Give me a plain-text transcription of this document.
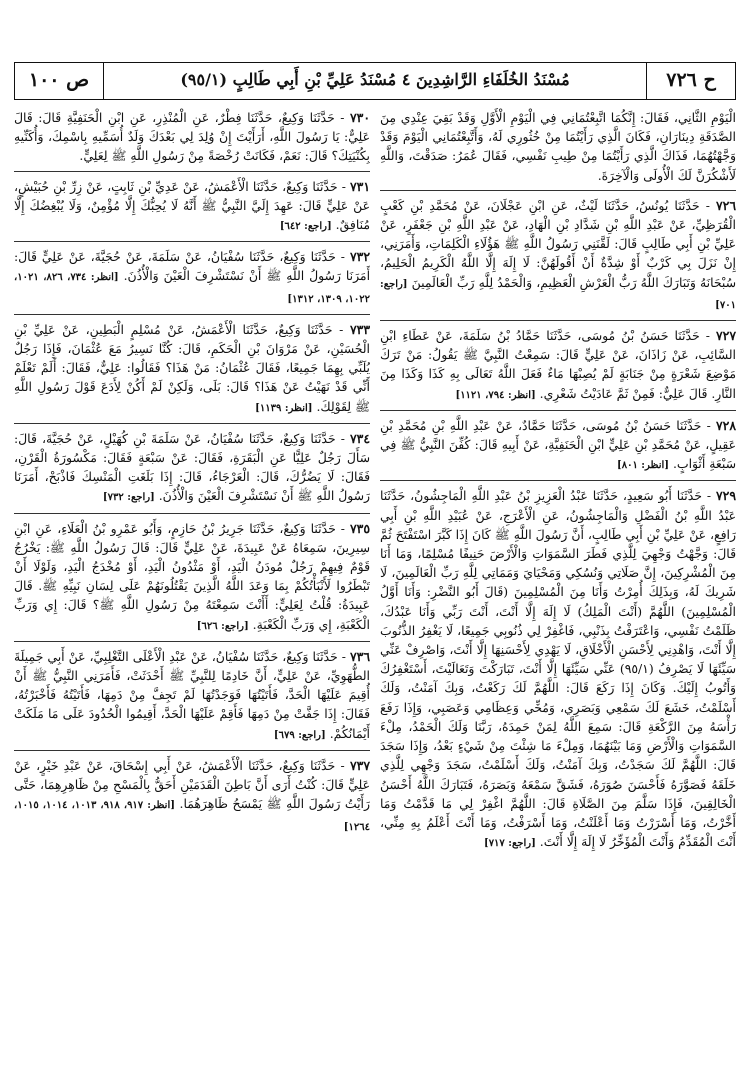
ح ٧٢٦
مُسْنَدُ الخُلَفَاءِ الرَّاشِدِينَ ٤ مُسْنَدُ عَلِيِّ بْنِ أَبِي طَالِبٍ (٩٥/١)
ص ١٠٠

الْيَوْمِ الثَّانِي، فَقَالَ: إِنَّكُمَا اتَّبِعْتُمَانِي فِي الْيَوْمِ الْأَوَّلِ وَقَدْ بَقِيَ عِنْدِي مِنَ الصَّدَقَةِ دِينَارَانِ، فَكَانَ الَّذِي رَأَيْتُمَا مِنْ خُثُورِي لَهُ، وَأَتَّبِعْتُمَانِي الْيَوْمَ وَقَدْ وَجَّهْتُهُمَا، فَذَاكَ الَّذِي رَأَيْتُمَا مِنْ طِيبِ نَفْسِي، فَقَالَ عُمَرُ: صَدَقْتَ، وَاللَّهِ لَأَشْكُرَنَّ لَكَ الْأُولَى وَالْآخِرَةَ.

٧٢٦ - حَدَّثَنَا يُونُسُ، حَدَّثَنَا لَيْثٌ، عَنِ ابْنِ عَجْلَانَ، عَنْ مُحَمَّدِ بْنِ كَعْبٍ الْقُرَظِيِّ، عَنْ عَبْدِ اللَّهِ بْنِ شَدَّادِ بْنِ الْهَادِ، عَنْ عَبْدِ اللَّهِ بْنِ جَعْفَرٍ، عَنْ عَلِيِّ بْنِ أَبِي طَالِبٍ قَالَ: لَقَّنَنِي رَسُولُ اللَّهِ ﷺ هَؤُلَاءِ الْكَلِمَاتِ، وَأَمَرَنِي، إِنْ نَزَلَ بِي كَرْبٌ أَوْ شِدَّةٌ أَنْ أَقُولَهُنَّ: لَا إِلَهَ إِلَّا اللَّهُ الْكَرِيمُ الْحَلِيمُ، سُبْحَانَهُ وَتَبَارَكَ اللَّهُ رَبُّ الْعَرْشِ الْعَظِيمِ، وَالْحَمْدُ لِلَّهِ رَبِّ الْعَالَمِينَ [راجع: ٧٠١]

٧٢٧ - حَدَّثَنَا حَسَنُ بْنُ مُوسَى، حَدَّثَنَا حَمَّادُ بْنُ سَلَمَةَ، عَنْ عَطَاءِ ابْنِ السَّائِبِ، عَنْ زَاذَانَ، عَنْ عَلِيٍّ قَالَ: سَمِعْتُ النَّبِيَّ ﷺ يَقُولُ: مَنْ تَرَكَ مَوْضِعَ شَعْرَةٍ مِنْ جَنَابَةٍ لَمْ يُصِبْهَا مَاءٌ فَعَلَ اللَّهُ تَعَالَى بِهِ كَذَا وَكَذَا مِنَ النَّارِ. قَالَ عَلِيٌّ: فَمِنْ ثَمَّ عَادَيْتُ شَعْرِي. [انظر: ٧٩٤، ١١٢١]

٧٢٨ - حَدَّثَنَا حَسَنُ بْنُ مُوسَى، حَدَّثَنَا حَمَّادٌ، عَنْ عَبْدِ اللَّهِ بْنِ مُحَمَّدِ بْنِ عَقِيلٍ، عَنْ مُحَمَّدِ بْنِ عَلِيٍّ ابْنِ الْحَنَفِيَّةِ، عَنْ أَبِيهِ قَالَ: كُفِّنَ النَّبِيُّ ﷺ فِي سَبْعَةِ أَثْوَابٍ. [انظر: ٨٠١]

٧٢٩ - حَدَّثَنَا أَبُو سَعِيدٍ، حَدَّثَنَا عَبْدُ الْعَزِيزِ بْنُ عَبْدِ اللَّهِ الْمَاجِشُونُ، حَدَّثَنَا عَبْدُ اللَّهِ بْنُ الْفَضْلِ وَالْمَاجِشُونُ، عَنِ الْأَعْرَجِ، عَنْ عُبَيْدِ اللَّهِ بْنِ أَبِي رَافِعٍ، عَنْ عَلِيِّ بْنِ أَبِي طَالِبٍ، أَنَّ رَسُولَ اللَّهِ ﷺ كَانَ إِذَا كَبَّرَ اسْتَفْتَحَ ثُمَّ قَالَ: وَجَّهْتُ وَجْهِيَ لِلَّذِي فَطَرَ السَّمَوَاتِ وَالْأَرْضَ حَنِيفًا مُسْلِمًا، وَمَا أَنَا مِنَ الْمُشْرِكِينَ، إِنَّ صَلَاتِي وَنُسُكِي وَمَحْيَايَ وَمَمَاتِي لِلَّهِ رَبِّ الْعَالَمِينَ، لَا شَرِيكَ لَهُ، وَبِذَلِكَ أُمِرْتُ وَأَنَا مِنَ الْمُسْلِمِينَ (قَالَ أَبُو النَّضْرِ: وَأَنَا أَوَّلُ الْمُسْلِمِينَ) اللَّهُمَّ (أَنْتَ الْمَلِكُ) لَا إِلَهَ إِلَّا أَنْتَ، أَنْتَ رَبِّي وَأَنَا عَبْدُكَ، ظَلَمْتُ نَفْسِي، وَاعْتَرَفْتُ بِذَنْبِي، فَاغْفِرْ لِي ذُنُوبِي جَمِيعًا، لَا يَغْفِرُ الذُّنُوبَ إِلَّا أَنْتَ، وَاهْدِنِي لِأَحْسَنِ الْأَخْلَاقِ، لَا يَهْدِي لِأَحْسَنِهَا إِلَّا أَنْتَ، وَاصْرِفْ عَنِّي سَيِّئَهَا لَا يَصْرِفُ (٩٥/١) عَنِّي سَيِّئَهَا إِلَّا أَنْتَ، تَبَارَكْتَ وَتَعَالَيْتَ، أَسْتَغْفِرُكَ وَأَتُوبُ إِلَيْكَ. وَكَانَ إِذَا رَكَعَ قَالَ: اللَّهُمَّ لَكَ رَكَعْتُ، وَبِكَ آمَنْتُ، وَلَكَ أَسْلَمْتُ، خَشَعَ لَكَ سَمْعِي وَبَصَرِي، وَمُخِّي وَعِظَامِي وَعَصَبِي، وَإِذَا رَفَعَ رَأْسَهُ مِنَ الرَّكْعَةِ قَالَ: سَمِعَ اللَّهُ لِمَنْ حَمِدَهُ، رَبَّنَا وَلَكَ الْحَمْدُ، مِلْءَ السَّمَوَاتِ وَالْأَرْضِ وَمَا بَيْنَهُمَا، وَمِلْءَ مَا شِئْتَ مِنْ شَيْءٍ بَعْدُ، وَإِذَا سَجَدَ قَالَ: اللَّهُمَّ لَكَ سَجَدْتُ، وَبِكَ آمَنْتُ، وَلَكَ أَسْلَمْتُ، سَجَدَ وَجْهِي لِلَّذِي خَلَقَهُ فَصَوَّرَهُ فَأَحْسَنَ صُوَرَهُ، فَشَقَّ سَمْعَهُ وَبَصَرَهُ، فَتَبَارَكَ اللَّهُ أَحْسَنُ الْخَالِقِينَ، فَإِذَا سَلَّمَ مِنَ الصَّلَاةِ قَالَ: اللَّهُمَّ اغْفِرْ لِي مَا قَدَّمْتُ وَمَا أَخَّرْتُ، وَمَا أَسْرَرْتُ وَمَا أَعْلَنْتُ، وَمَا أَسْرَفْتُ، وَمَا أَنْتَ أَعْلَمُ بِهِ مِنِّي، أَنْتَ الْمُقَدِّمُ وَأَنْتَ الْمُؤَخِّرُ لَا إِلَهَ إِلَّا أَنْتَ. [راجع: ٧١٧]

٧٣٠ - حَدَّثَنَا وَكِيعٌ، حَدَّثَنَا فِطْرٌ، عَنِ الْمُنْذِرِ، عَنِ ابْنِ الْحَنَفِيَّةِ قَالَ: قَالَ عَلِيٌّ: يَا رَسُولَ اللَّهِ، أَرَأَيْتَ إِنْ وُلِدَ لِي بَعْدَكَ وَلَدٌ أُسَمِّيهِ بِاسْمِكَ، وَأُكَنِّيهِ بِكُنْيَتِكَ؟ قَالَ: نَعَمْ، فَكَانَتْ رُخْصَةً مِنْ رَسُولِ اللَّهِ ﷺ لِعَلِيٍّ.

٧٣١ - حَدَّثَنَا وَكِيعٌ، حَدَّثَنَا الْأَعْمَشُ، عَنْ عَدِيِّ بْنِ ثَابِتٍ، عَنْ زِرِّ بْنِ حُبَيْشٍ، عَنْ عَلِيٍّ قَالَ: عَهِدَ إِلَيَّ النَّبِيُّ ﷺ أَنَّهُ لَا يُحِبُّكَ إِلَّا مُؤْمِنٌ، وَلَا يُبْغِضُكَ إِلَّا مُنَافِقٌ. [راجع: ٦٤٢]

٧٣٢ - حَدَّثَنَا وَكِيعٌ، حَدَّثَنَا سُفْيَانُ، عَنْ سَلَمَةَ، عَنْ حُجَيَّةَ، عَنْ عَلِيٍّ قَالَ: أَمَرَنَا رَسُولُ اللَّهِ ﷺ أَنْ نَسْتَشْرِفَ الْعَيْنَ وَالْأُذُنَ. [انظر: ٧٣٤، ٨٢٦، ١٠٢١، ١٠٢٢، ١٣٠٩، ١٣١٢]

٧٣٣ - حَدَّثَنَا وَكِيعٌ، حَدَّثَنَا الْأَعْمَشُ، عَنْ مُسْلِمٍ الْبَطِينِ، عَنْ عَلِيِّ بْنِ الْحُسَيْنِ، عَنْ مَرْوَانَ بْنِ الْحَكَمِ، قَالَ: كُنَّا نَسِيرُ مَعَ عُثْمَانَ، فَإِذَا رَجُلٌ يُلَبِّي بِهِمَا جَمِيعًا، فَقَالَ عُثْمَانُ: مَنْ هَذَا؟ فَقَالُوا: عَلِيٌّ، فَقَالَ: أَلَمْ تَعْلَمْ أَنِّي قَدْ نَهَيْتُ عَنْ هَذَا؟ قَالَ: بَلَى، وَلَكِنْ لَمْ أَكُنْ لِأَدَعَ قَوْلَ رَسُولِ اللَّهِ ﷺ لِقَوْلِكَ. [انظر: ١١٣٩]

٧٣٤ - حَدَّثَنَا وَكِيعٌ، حَدَّثَنَا سُفْيَانُ، عَنْ سَلَمَةَ بْنِ كُهَيْلٍ، عَنْ حُجَيَّةَ، قَالَ: سَأَلَ رَجُلٌ عَلِيًّا عَنِ الْبَقَرَةِ، فَقَالَ: عَنْ سَبْعَةٍ فَقَالَ: مَكْسُورَةُ الْقَرْنِ، فَقَالَ: لَا يَضُرُّكَ، قَالَ: الْعَرْجَاءُ، قَالَ: إِذَا بَلَغَتِ الْمَنْسِكَ فَاذْبَحْ، أَمَرَنَا رَسُولُ اللَّهِ ﷺ أَنْ نَسْتَشْرِفَ الْعَيْنَ وَالْأُذُنَ. [راجع: ٧٣٢]

٧٣٥ - حَدَّثَنَا وَكِيعٌ، حَدَّثَنَا جَرِيرُ بْنُ حَازِمٍ، وَأَبُو عَمْرِو بْنُ الْعَلَاءِ، عَنِ ابْنِ سِيرِينَ، سَمِعَاهُ عَنْ عَبِيدَةَ، عَنْ عَلِيٍّ قَالَ: قَالَ رَسُولُ اللَّهِ ﷺ: يَخْرُجُ قَوْمٌ فِيهِمْ رَجُلٌ مُودَنُ الْيَدِ، أَوْ مَثْدُونُ الْيَدِ، أَوْ مُخْدَجُ الْيَدِ، وَلَوْلَا أَنْ تَبْطَرُوا لَأَنْبَأْتُكُمْ بِمَا وَعَدَ اللَّهُ الَّذِينَ يَقْتُلُونَهُمْ عَلَى لِسَانِ نَبِيِّهِ ﷺ. قَالَ عَبِيدَةُ: قُلْتُ لِعَلِيٍّ: أَأَنْتَ سَمِعْتَهُ مِنْ رَسُولِ اللَّهِ ﷺ؟ قَالَ: إِي وَرَبِّ الْكَعْبَةِ، إِي وَرَبِّ الْكَعْبَةِ. [راجع: ٦٢٦]

٧٣٦ - حَدَّثَنَا وَكِيعٌ، حَدَّثَنَا سُفْيَانُ، عَنْ عَبْدِ الْأَعْلَى التَّغْلِبِيِّ، عَنْ أَبِي جَمِيلَةَ الطُّهَوِيِّ، عَنْ عَلِيٍّ، أَنَّ خَادِمًا لِلنَّبِيِّ ﷺ أَحْدَثَتْ، فَأَمَرَنِي النَّبِيُّ ﷺ أَنْ أُقِيمَ عَلَيْهَا الْحَدَّ، فَأَتَيْتُهَا فَوَجَدْتُهَا لَمْ تَجِفَّ مِنْ دَمِهَا، فَأَتَيْتُهُ فَأَخْبَرْتُهُ، فَقَالَ: إِذَا جَفَّتْ مِنْ دَمِهَا فَأَقِمْ عَلَيْهَا الْحَدَّ، أَقِيمُوا الْحُدُودَ عَلَى مَا مَلَكَتْ أَيْمَانُكُمْ. [راجع: ٦٧٩]

٧٣٧ - حَدَّثَنَا وَكِيعٌ، حَدَّثَنَا الْأَعْمَشُ، عَنْ أَبِي إِسْحَاقَ، عَنْ عَبْدِ خَيْرٍ، عَنْ عَلِيٍّ قَالَ: كُنْتُ أَرَى أَنَّ بَاطِنَ الْقَدَمَيْنِ أَحَقُّ بِالْمَسْحِ مِنْ ظَاهِرِهِمَا، حَتَّى رَأَيْتُ رَسُولَ اللَّهِ ﷺ يَمْسَحُ ظَاهِرَهُمَا. [انظر: ٩١٧، ٩١٨، ١٠١٣، ١٠١٤، ١٠١٥، ١٢٦٤]
